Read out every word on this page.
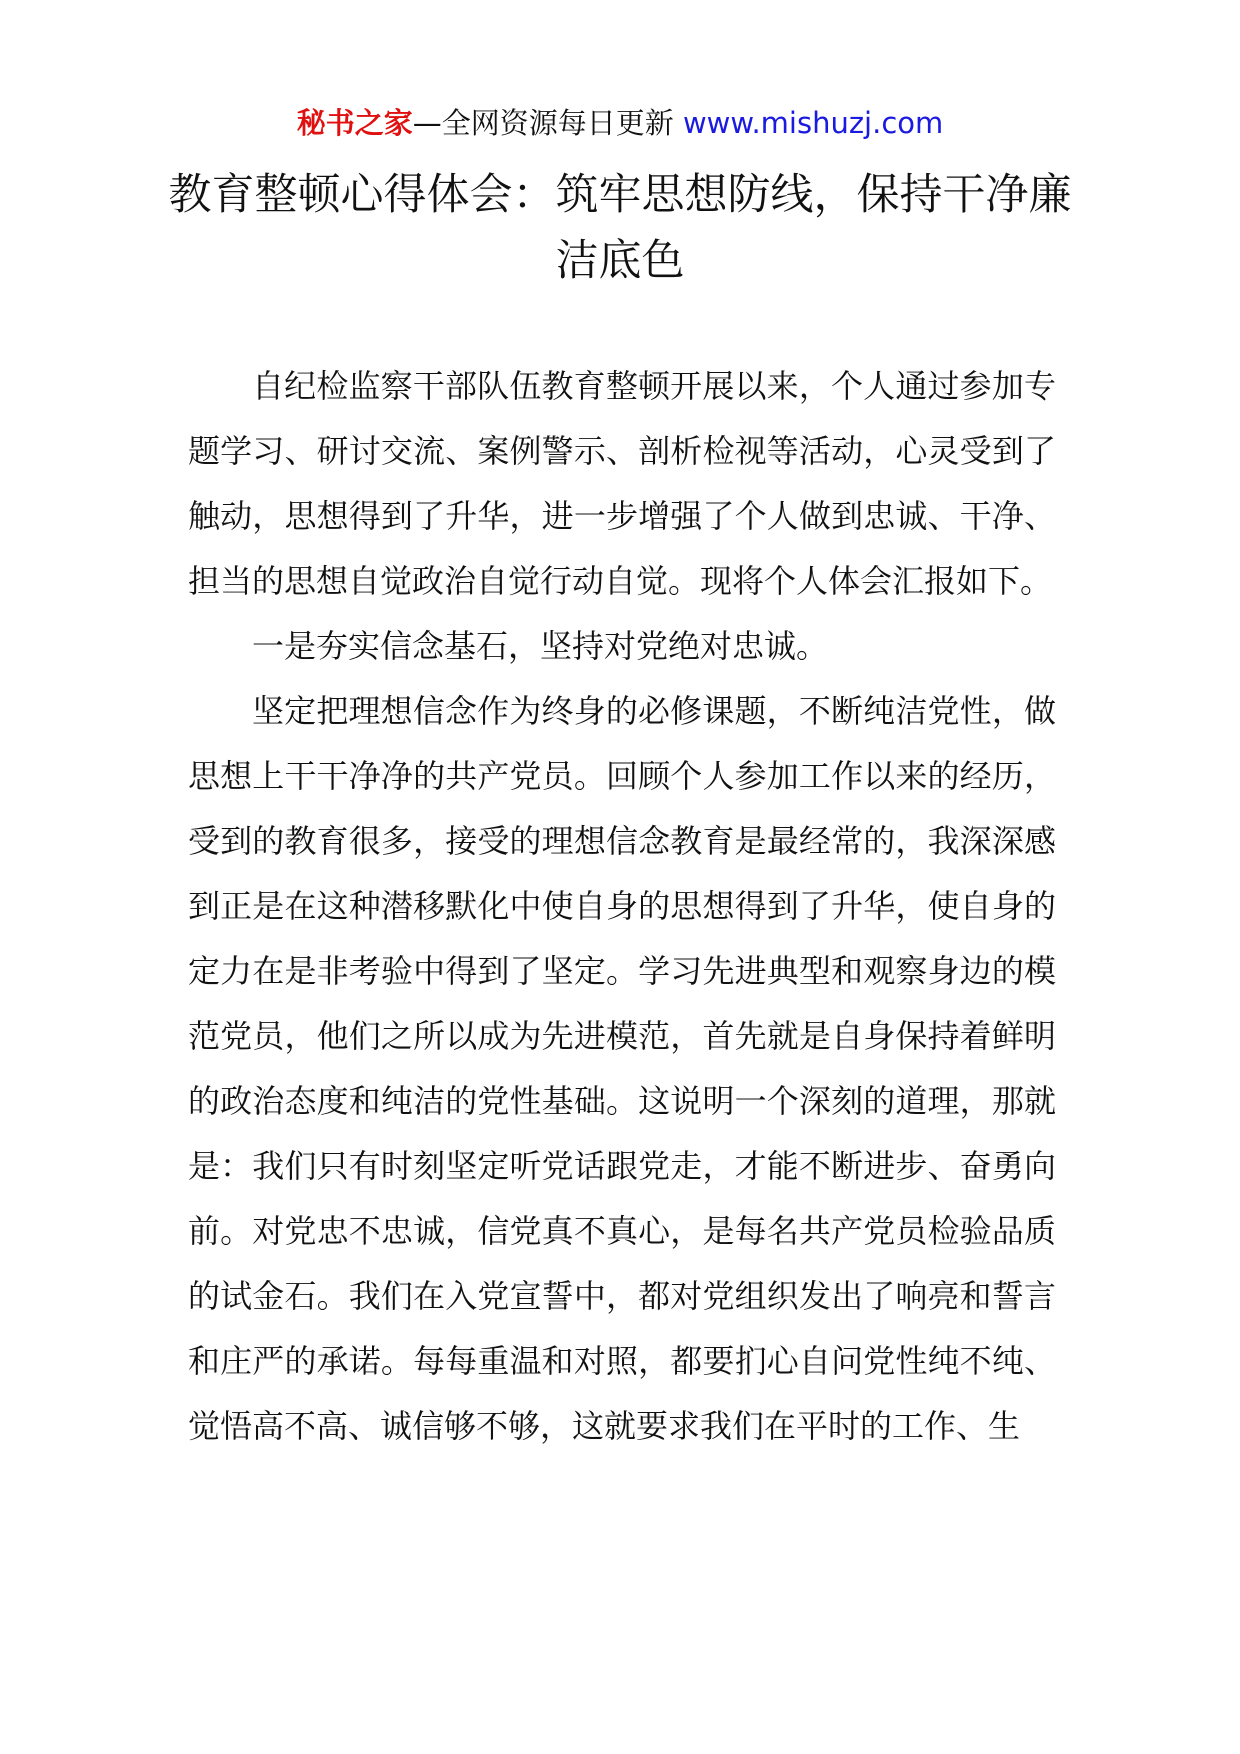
秘书之家—全网资源每日更新 www.mishuzj.com
教育整顿心得体会：筑牢思想防线，保持干净廉洁底色

自纪检监察干部队伍教育整顿开展以来，个人通过参加专题学习、研讨交流、案例警示、剖析检视等活动，心灵受到了触动，思想得到了升华，进一步增强了个人做到忠诚、干净、担当的思想自觉政治自觉行动自觉。现将个人体会汇报如下。

一是夯实信念基石，坚持对党绝对忠诚。

坚定把理想信念作为终身的必修课题，不断纯洁党性，做思想上干干净净的共产党员。回顾个人参加工作以来的经历，受到的教育很多，接受的理想信念教育是最经常的，我深深感到正是在这种潜移默化中使自身的思想得到了升华，使自身的定力在是非考验中得到了坚定。学习先进典型和观察身边的模范党员，他们之所以成为先进模范，首先就是自身保持着鲜明的政治态度和纯洁的党性基础。这说明一个深刻的道理，那就是：我们只有时刻坚定听党话跟党走，才能不断进步、奋勇向前。对党忠不忠诚，信党真不真心，是每名共产党员检验品质的试金石。我们在入党宣誓中，都对党组织发出了响亮和誓言和庄严的承诺。每每重温和对照，都要扪心自问党性纯不纯、觉悟高不高、诚信够不够，这就要求我们在平时的工作、生
